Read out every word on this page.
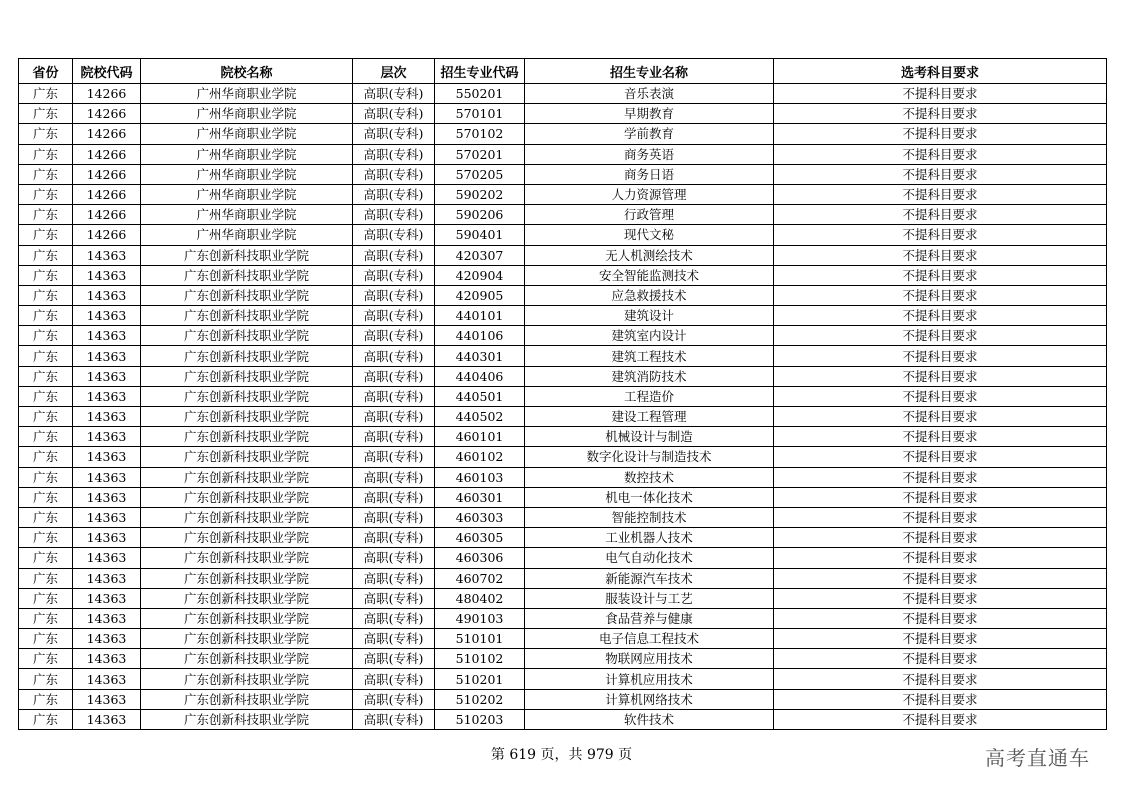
省份	院校代码	院校名称	层次	招生专业代码	招生专业名称	选考科目要求
广东	14266	广州华商职业学院	高职(专科)	550201	音乐表演	不提科目要求
广东	14266	广州华商职业学院	高职(专科)	570101	早期教育	不提科目要求
广东	14266	广州华商职业学院	高职(专科)	570102	学前教育	不提科目要求
广东	14266	广州华商职业学院	高职(专科)	570201	商务英语	不提科目要求
广东	14266	广州华商职业学院	高职(专科)	570205	商务日语	不提科目要求
广东	14266	广州华商职业学院	高职(专科)	590202	人力资源管理	不提科目要求
广东	14266	广州华商职业学院	高职(专科)	590206	行政管理	不提科目要求
广东	14266	广州华商职业学院	高职(专科)	590401	现代文秘	不提科目要求
广东	14363	广东创新科技职业学院	高职(专科)	420307	无人机测绘技术	不提科目要求
广东	14363	广东创新科技职业学院	高职(专科)	420904	安全智能监测技术	不提科目要求
广东	14363	广东创新科技职业学院	高职(专科)	420905	应急救援技术	不提科目要求
广东	14363	广东创新科技职业学院	高职(专科)	440101	建筑设计	不提科目要求
广东	14363	广东创新科技职业学院	高职(专科)	440106	建筑室内设计	不提科目要求
广东	14363	广东创新科技职业学院	高职(专科)	440301	建筑工程技术	不提科目要求
广东	14363	广东创新科技职业学院	高职(专科)	440406	建筑消防技术	不提科目要求
广东	14363	广东创新科技职业学院	高职(专科)	440501	工程造价	不提科目要求
广东	14363	广东创新科技职业学院	高职(专科)	440502	建设工程管理	不提科目要求
广东	14363	广东创新科技职业学院	高职(专科)	460101	机械设计与制造	不提科目要求
广东	14363	广东创新科技职业学院	高职(专科)	460102	数字化设计与制造技术	不提科目要求
广东	14363	广东创新科技职业学院	高职(专科)	460103	数控技术	不提科目要求
广东	14363	广东创新科技职业学院	高职(专科)	460301	机电一体化技术	不提科目要求
广东	14363	广东创新科技职业学院	高职(专科)	460303	智能控制技术	不提科目要求
广东	14363	广东创新科技职业学院	高职(专科)	460305	工业机器人技术	不提科目要求
广东	14363	广东创新科技职业学院	高职(专科)	460306	电气自动化技术	不提科目要求
广东	14363	广东创新科技职业学院	高职(专科)	460702	新能源汽车技术	不提科目要求
广东	14363	广东创新科技职业学院	高职(专科)	480402	服装设计与工艺	不提科目要求
广东	14363	广东创新科技职业学院	高职(专科)	490103	食品营养与健康	不提科目要求
广东	14363	广东创新科技职业学院	高职(专科)	510101	电子信息工程技术	不提科目要求
广东	14363	广东创新科技职业学院	高职(专科)	510102	物联网应用技术	不提科目要求
广东	14363	广东创新科技职业学院	高职(专科)	510201	计算机应用技术	不提科目要求
广东	14363	广东创新科技职业学院	高职(专科)	510202	计算机网络技术	不提科目要求
广东	14363	广东创新科技职业学院	高职(专科)	510203	软件技术	不提科目要求
第 619 页，共 979 页	高考直通车
